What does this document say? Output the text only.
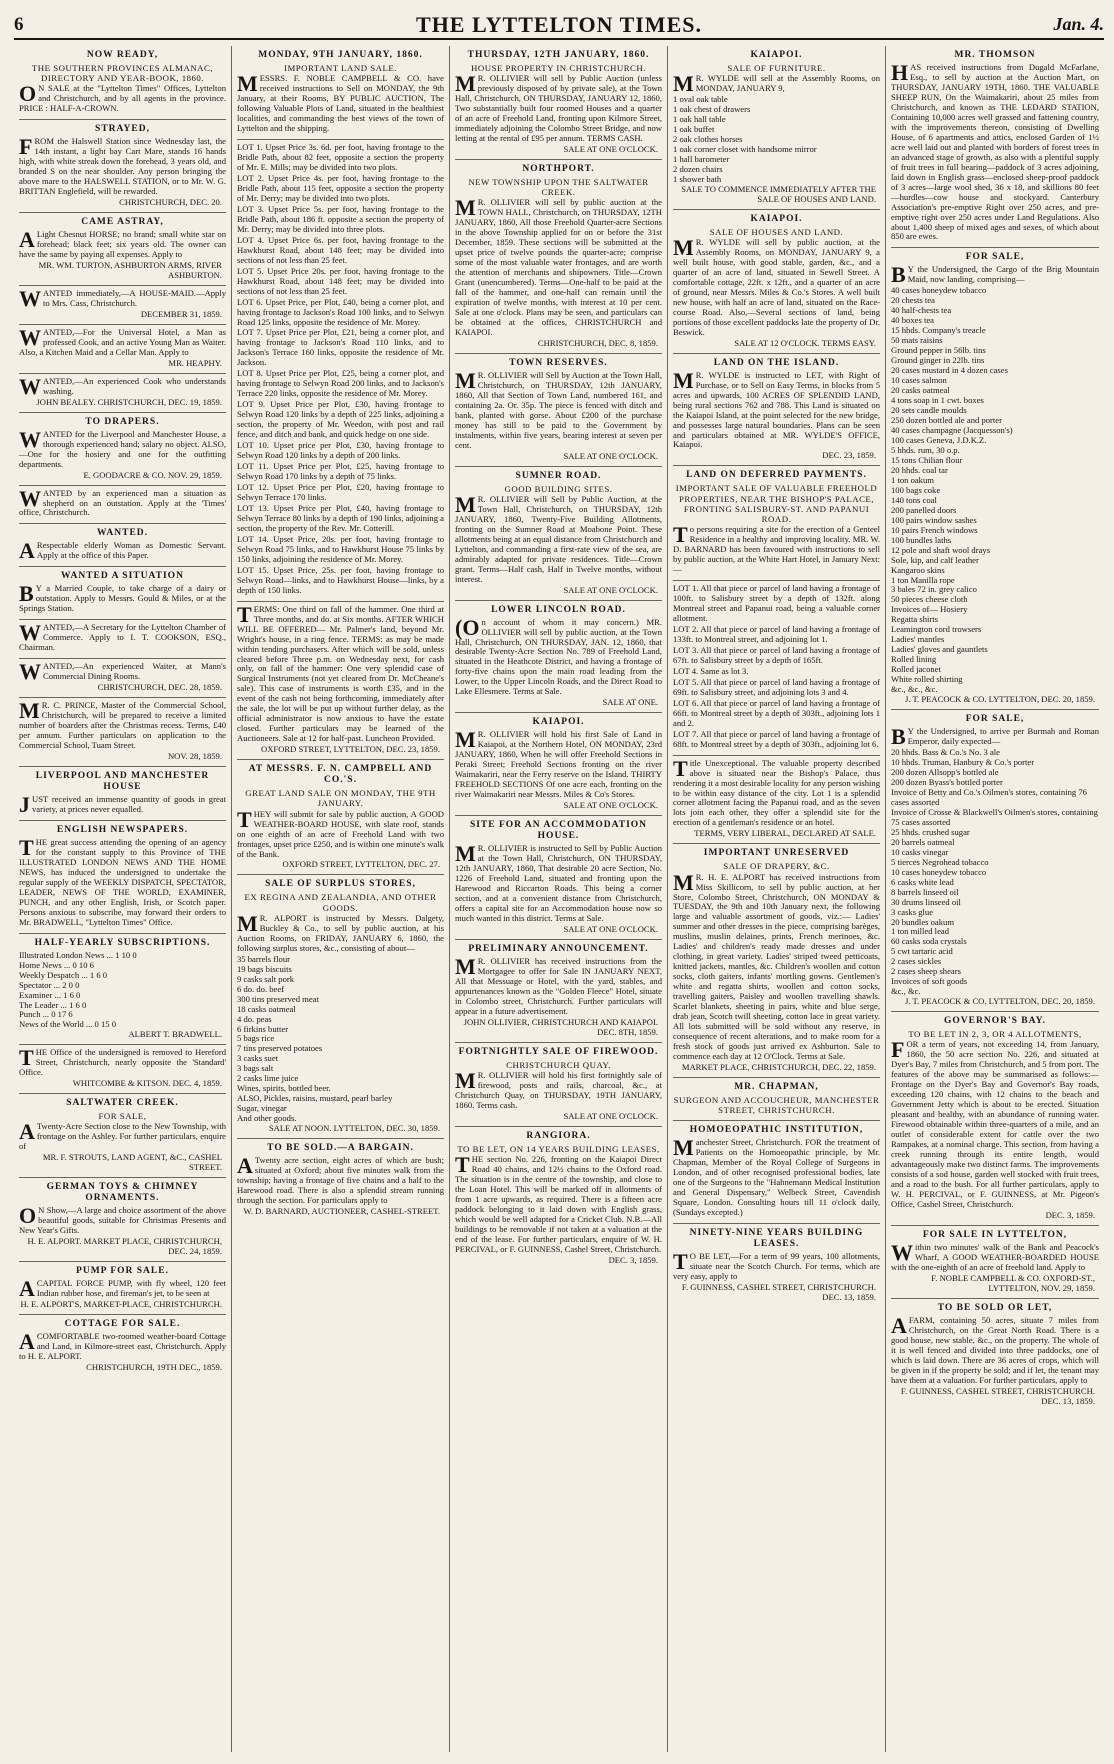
6	THE LYTTELTON TIMES.	Jan. 4.
NOW READY,
THE SOUTHERN PROVINCES ALMANAC, DIRECTORY AND YEAR-BOOK, 1860.

ON SALE at the "Lyttelton Times" Offices, Lyttelton and Christchurch, and by all agents in the province. PRICE : HALF-A-CROWN.

STRAYED,

FROM the Halswell Station since Wednesday last, the 14th instant, a light bay Cart Mare, stands 16 hands high, with white streak down the forehead, 3 years old, and branded S on the near shoulder. Any person bringing the above mare to the HALSWELL STATION, or to Mr. W. G. BRITTAN Englefield, will be rewarded.

CHRISTCHURCH, DEC. 20.
CAME ASTRAY,

ALight Chesnut HORSE; no brand; small white star on forehead; black feet; six years old. The owner can have the same by paying all expenses. Apply to

MR. WM. TURTON, ASHBURTON ARMS, RIVER ASHBURTON.

WANTED immediately,—A HOUSE-MAID.—Apply to Mrs. Cass, Christchurch.

DECEMBER 31, 1859.

WANTED,—For the Universal Hotel, a Man as professed Cook, and an active Young Man as Waiter. Also, a Kitchen Maid and a Cellar Man. Apply to

MR. HEAPHY.

WANTED,—An experienced Cook who understands washing.

JOHN BEALEY. CHRISTCHURCH, DEC. 19, 1859.
TO DRAPERS.

WANTED for the Liverpool and Manchester House, a thorough experienced hand; salary no object. ALSO,—One for the hosiery and one for the outfitting departments.

E. GOODACRE & CO. NOV. 29, 1859.

WANTED by an experienced man a situation as shepherd on an outstation. Apply at the 'Times' office, Christchurch.

WANTED.

ARespectable elderly Woman as Domestic Servant. Apply at the office of this Paper.

WANTED A SITUATION

BY a Married Couple, to take charge of a dairy or outstation. Apply to Messrs. Gould & Miles, or at the Springs Station.

WANTED,—A Secretary for the Lyttelton Chamber of Commerce. Apply to I. T. COOKSON, ESQ., Chairman.

WANTED,—An experienced Waiter, at Mann's Commercial Dining Rooms.

CHRISTCHURCH, DEC. 28, 1859.

MR. C. PRINCE, Master of the Commercial School, Christchurch, will be prepared to receive a limited number of boarders after the Christmas recess. Terms, £40 per annum. Further particulars on application to the Commercial School, Tuam Street.

NOV. 28, 1859.
LIVERPOOL AND MANCHESTER HOUSE

JUST received an immense quantity of goods in great variety, at prices never equalled.

ENGLISH NEWSPAPERS.

THE great success attending the opening of an agency for the constant supply to this Province of THE ILLUSTRATED LONDON NEWS AND THE HOME NEWS, has induced the undersigned to undertake the regular supply of the WEEKLY DISPATCH, SPECTATOR, LEADER, NEWS OF THE WORLD, EXAMINER, PUNCH, and any other English, Irish, or Scotch paper. Persons anxious to subscribe, may forward their orders to Mr. BRADWELL, "Lyttelton Times" Office.

HALF-YEARLY SUBSCRIPTIONS.
Illustrated London News ... 1 10 0
Home News ... 0 10 6
Weekly Despatch ... 1 6 0
Spectator ... 2 0 0
Examiner ... 1 6 0
The Leader ... 1 6 0
Punch ... 0 17 6
News of the World ... 0 15 0
ALBERT T. BRADWELL.

THE Office of the undersigned is removed to Hereford Street, Christchurch, nearly opposite the 'Standard' Office.

WHITCOMBE & KITSON. DEC. 4, 1859.
SALTWATER CREEK.
FOR SALE,

ATwenty-Acre Section close to the New Township, with frontage on the Ashley. For further particulars, enquire of

MR. F. STROUTS, LAND AGENT, &C., CASHEL STREET.
GERMAN TOYS & CHIMNEY ORNAMENTS.

ON Show,—A large and choice assortment of the above beautiful goods, suitable for Christmas Presents and New Year's Gifts.

H. E. ALPORT. MARKET PLACE, CHRISTCHURCH, DEC. 24, 1859.
PUMP FOR SALE.

ACAPITAL FORCE PUMP, with fly wheel, 120 feet Indian rubber hose, and fireman's jet, to be seen at

H. E. ALPORT'S, MARKET-PLACE, CHRISTCHURCH.
COTTAGE FOR SALE.

ACOMFORTABLE two-roomed weather-board Cottage and Land, in Kilmore-street east, Christchurch. Apply to H. E. ALPORT.

CHRISTCHURCH, 19TH DEC., 1859.
MONDAY, 9TH JANUARY, 1860.
IMPORTANT LAND SALE.

MESSRS. F. NOBLE CAMPBELL & CO. have received instructions to Sell on MONDAY, the 9th January, at their Rooms, BY PUBLIC AUCTION, The following Valuable Plots of Land, situated in the healthiest localities, and commanding the best views of the town of Lyttelton and the shipping.

LOT 1. Upset Price 3s. 6d. per foot, having frontage to the Bridle Path, about 82 feet, opposite a section the property of Mr. E. Mills; may be divided into two plots.

LOT 2. Upset Price 4s. per foot, having frontage to the Bridle Path, about 115 feet, opposite a section the property of Mr. Derry; may be divided into two plots.

LOT 3. Upset Price 5s. per foot, having frontage to the Bridle Path, about 186 ft. opposite a section the property of Mr. Derry; may be divided into three plots.

LOT 4. Upset Price 6s. per foot, having frontage to the Hawkhurst Road, about 148 feet; may be divided into sections of not less than 25 feet.

LOT 5. Upset Price 20s. per foot, having frontage to the Hawkhurst Road, about 148 feet; may be divided into sections of not less than 25 feet.

LOT 6. Upset Price, per Plot, £40, being a corner plot, and having frontage to Jackson's Road 100 links, and to Selwyn Road 125 links, opposite the residence of Mr. Morey.

LOT 7. Upset Price per Plot, £21, being a corner plot, and having frontage to Jackson's Road 110 links, and to Jackson's Terrace 160 links, opposite the residence of Mr. Jackson.

LOT 8. Upset Price per Plot, £25, being a corner plot, and having frontage to Selwyn Road 200 links, and to Jackson's Terrace 220 links, opposite the residence of Mr. Morey.

LOT 9. Upset Price per Plot, £30, having frontage to Selwyn Road 120 links by a depth of 225 links, adjoining a section, the property of Mr. Weedon, with post and rail fence, and ditch and bank, and quick hedge on one side.

LOT 10. Upset price per Plot, £30, having frontage to Selwyn Road 120 links by a depth of 200 links.

LOT 11. Upset Price per Plot, £25, having frontage to Selwyn Road 170 links by a depth of 75 links.

LOT 12. Upset Price per Plot, £20, having frontage to Selwyn Terrace 170 links.

LOT 13. Upset Price per Plot, £40, having frontage to Selwyn Terrace 80 links by a depth of 190 links, adjoining a section, the property of the Rev. Mr. Cotterill.

LOT 14. Upset Price, 20s. per foot, having frontage to Selwyn Road 75 links, and to Hawkhurst House 75 links by 150 links, adjoining the residence of Mr. Morey.

LOT 15. Upset Price, 25s. per foot, having frontage to Selwyn Road—links, and to Hawkhurst House—links, by a depth of 150 links.

TERMS: One third on fall of the hammer. One third at Three months, and do. at Six months. AFTER WHICH WILL BE OFFERED— Mr. Palmer's land, beyond Mr. Wright's house, in a ring fence. TERMS: as may be made within tending purchasers. After which will be sold, unless cleared before Three p.m. on Wednesday next, for cash only, on fall of the hammer: One very splendid case of Surgical Instruments (not yet cleared from Dr. McCheane's sale). This case of instruments is worth £35, and in the event of the cash not being forthcoming, immediately after the sale, the lot will be put up without further delay, as the official administrator is now anxious to have the estate closed. Further particulars may be learned of the Auctioneers. Sale at 12 for half-past. Luncheon Provided.

OXFORD STREET, LYTTELTON, DEC. 23, 1859.
AT MESSRS. F. N. CAMPBELL AND CO.'S.
GREAT LAND SALE ON MONDAY, THE 9TH JANUARY.

THEY will submit for sale by public auction, A GOOD WEATHER-BOARD HOUSE, with slate roof, stands on one eighth of an acre of Freehold Land with two frontages, upset price £250, and is within one minute's walk of the Bank.

OXFORD STREET, LYTTELTON, DEC. 27.
SALE OF SURPLUS STORES,
EX REGINA AND ZEALANDIA, AND OTHER GOODS.

MR. ALPORT is instructed by Messrs. Dalgety, Buckley & Co., to sell by public auction, at his Auction Rooms, on FRIDAY, JANUARY 6, 1860, the following surplus stores, &c., consisting of about—

35 barrels flour
19 bags biscuits
9 casks salt pork
6 do. do. beef
300 tins preserved meat
18 casks oatmeal
4 do. peas
6 firkins butter
5 bags rice
7 tins preserved potatoes
3 casks suet
3 bags salt
2 casks lime juice
Wines, spirits, bottled beer.
ALSO, Pickles, raisins, mustard, pearl barley
Sugar, vinegar
And other goods.
SALE AT NOON. LYTTELTON, DEC. 30, 1859.
TO BE SOLD.—A BARGAIN.

ATwenty acre section, eight acres of which are bush; situated at Oxford; about five minutes walk from the township; having a frontage of five chains and a half to the Harewood road. There is also a splendid stream running through the section. For particulars apply to

W. D. BARNARD, AUCTIONEER, CASHEL-STREET.
THURSDAY, 12TH JANUARY, 1860.
HOUSE PROPERTY IN CHRISTCHURCH.

MR. OLLIVIER will sell by Public Auction (unless previously disposed of by private sale), at the Town Hall, Christchurch, ON THURSDAY, JANUARY 12, 1860, Two substantially built four roomed Houses and a quarter of an acre of Freehold Land, fronting upon Kilmore Street, immediately adjoining the Colombo Street Bridge, and now letting at the rental of £95 per annum. TERMS CASH.

SALE AT ONE O'CLOCK.
NORTHPORT.
NEW TOWNSHIP UPON THE SALTWATER CREEK.

MR. OLLIVIER will sell by public auction at the TOWN HALL, Christchurch, on THURSDAY, 12TH JANUARY, 1860, All those Freehold Quarter-acre Sections in the above Township applied for on or before the 31st December, 1859. These sections will be submitted at the upset price of twelve pounds the quarter-acre; comprise some of the most valuable water frontages, and are worth the attention of merchants and shipowners. Title—Crown Grant (unencumbered). Terms—One-half to be paid at the fall of the hammer, and one-half can remain until the expiration of twelve months, with interest at 10 per cent. Sale at one o'clock. Plans may be seen, and particulars can be obtained at the offices, CHRISTCHURCH and KAIAPOI.

CHRISTCHURCH, DEC. 8, 1859.
TOWN RESERVES.

MR. OLLIVIER will Sell by Auction at the Town Hall, Christchurch, on THURSDAY, 12th JANUARY, 1860, All that Section of Town Land, numbered 161, and containing 2a. Or. 35p. The piece is fenced with ditch and bank, planted with gorse. About £200 of the purchase money has still to be paid to the Government by instalments, within five years, bearing interest at seven per cent.

SALE AT ONE O'CLOCK.
SUMNER ROAD.
GOOD BUILDING SITES.

MR. OLLIVIER will Sell by Public Auction, at the Town Hall, Christchurch, on THURSDAY, 12th JANUARY, 1860, Twenty-Five Building Allotments, fronting on the Sumner Road at Moabone Point. These allotments being at an equal distance from Christchurch and Lyttelton, and commanding a first-rate view of the sea, are admirably adapted for private residences. Title—Crown grant. Terms—Half cash, Half in Twelve months, without interest.

SALE AT ONE O'CLOCK.
LOWER LINCOLN ROAD.

(On account of whom it may concern.) MR. OLLIVIER will sell by public auction, at the Town Hall, Christchurch, ON THURSDAY, JAN. 12, 1860, that desirable Twenty-Acre Section No. 789 of Freehold Land, situated in the Heathcote District, and having a frontage of forty-five chains upon the main road leading from the Lower, to the Upper Lincoln Roads, and the Direct Road to Lake Ellesmere. Terms at Sale.

SALE AT ONE.
KAIAPOI.

MR. OLLIVIER will hold his first Sale of Land in Kaiapoi, at the Northern Hotel, ON MONDAY, 23rd JANUARY, 1860, When he will offer Freehold Sections in Peraki Street; Freehold Sections fronting on the river Waimakariri, near the Ferry reserve on the Island. THIRTY FREEHOLD SECTIONS Of one acre each, fronting on the river Waimakariri near Messrs. Miles & Co's Stores.

SALE AT ONE O'CLOCK.
SITE FOR AN ACCOMMODATION HOUSE.

MR. OLLIVIER is instructed to Sell by Public Auction at the Town Hall, Christchurch, ON THURSDAY, 12th JANUARY, 1860, That desirable 20 acre Section, No. 1226 of Freehold Land, situated and fronting upon the Harewood and Riccarton Roads. This being a corner section, and at a convenient distance from Christchurch, offers a capital site for an Accommodation house now so much wanted in this district. Terms at Sale.

SALE AT ONE O'CLOCK.
PRELIMINARY ANNOUNCEMENT.

MR. OLLIVIER has received instructions from the Mortgagee to offer for Sale IN JANUARY NEXT, All that Messuage or Hotel, with the yard, stables, and appurtenances known as the "Golden Fleece" Hotel, situate in Colombo street, Christchurch. Further particulars will appear in a future advertisement.

JOHN OLLIVIER, CHRISTCHURCH AND KAIAPOI. DEC. 8TH, 1859.
FORTNIGHTLY SALE OF FIREWOOD.
CHRISTCHURCH QUAY.

MR. OLLIVIER will hold his first fortnightly sale of firewood, posts and rails, charcoal, &c., at Christchurch Quay, on THURSDAY, 19TH JANUARY, 1860. Terms cash.

SALE AT ONE O'CLOCK.
RANGIORA.
TO BE LET, ON 14 YEARS BUILDING LEASES,

THE section No. 226, fronting on the Kaiapoi Direct Road 40 chains, and 12½ chains to the Oxford road. The situation is in the centre of the township, and close to the Loan Hotel. This will be marked off in allotments of from 1 acre upwards, as required. There is a fifteen acre paddock belonging to it laid down with English grass, which would be well adapted for a Cricket Club. N.B.—All buildings to be removable if not taken at a valuation at the end of the lease. For further particulars, enquire of W. H. PERCIVAL, or F. GUINNESS, Cashel Street, Christchurch.

DEC. 3, 1859.
KAIAPOI.
SALE OF FURNITURE.

MR. WYLDE will sell at the Assembly Rooms, on MONDAY, JANUARY 9,

1 oval oak table
1 oak chest of drawers
1 oak hall table
1 oak buffet
2 oak clothes horses
1 oak corner closet with handsome mirror
1 hall barometer
2 dozen chairs
1 shower bath
SALE TO COMMENCE IMMEDIATELY AFTER THE SALE OF HOUSES AND LAND.
KAIAPOI.
SALE OF HOUSES AND LAND.

MR. WYLDE will sell by public auction, at the Assembly Rooms, on MONDAY, JANUARY 9, a well built house, with good stable, garden, &c., and a quarter of an acre of land, situated in Sewell Street. A comfortable cottage, 22ft. x 12ft., and a quarter of an acre of ground, near Messrs. Miles & Co.'s Stores. A well built new house, with half an acre of land, situated on the Race-course Road. Also,—Several sections of land, being portions of those excellent paddocks late the property of Dr. Beswick.

SALE AT 12 O'CLOCK. TERMS EASY.
LAND ON THE ISLAND.

MR. WYLDE is instructed to LET, with Right of Purchase, or to Sell on Easy Terms, in blocks from 5 acres and upwards, 100 ACRES OF SPLENDID LAND, being rural sections 762 and 788. This Land is situated on the Kaiapoi Island, at the point selected for the new bridge, and possesses large natural boundaries. Plans can be seen and particulars obtained at MR. WYLDE'S OFFICE, Kaiapoi.

DEC. 23, 1859.
LAND ON DEFERRED PAYMENTS.
IMPORTANT SALE OF VALUABLE FREEHOLD PROPERTIES, NEAR THE BISHOP'S PALACE, FRONTING SALISBURY-ST. AND PAPANUI ROAD.

To persons requiring a site for the erection of a Genteel Residence in a healthy and improving locality. MR. W. D. BARNARD has been favoured with instructions to sell by public auction, at the White Hart Hotel, in January Next:—

LOT 1. All that piece or parcel of land having a frontage of 100ft. to Salisbury street by a depth of 132ft. along Montreal street and Papanui road, being a valuable corner allotment.

LOT 2. All that piece or parcel of land having a frontage of 133ft. to Montreal street, and adjoining lot 1.

LOT 3. All that piece or parcel of land having a frontage of 67ft. to Salisbury street by a depth of 165ft.

LOT 4. Same as lot 3.

LOT 5. All that piece or parcel of land having a frontage of 69ft. to Salisbury street, and adjoining lots 3 and 4.

LOT 6. All that piece or parcel of land having a frontage of 66ft. to Montreal street by a depth of 303ft., adjoining lots 1 and 2.

LOT 7. All that piece or parcel of land having a frontage of 68ft. to Montreal street by a depth of 303ft., adjoining lot 6.

Title Unexceptional. The valuable property described above is situated near the Bishop's Palace, thus rendering it a most desirable locality for any person wishing to be within easy distance of the city. Lot 1 is a splendid corner allotment facing the Papanui road, and as the seven lots join each other, they offer a splendid site for the erection of a gentleman's residence or an hotel.

TERMS, VERY LIBERAL, DECLARED AT SALE.
IMPORTANT UNRESERVED
SALE OF DRAPERY, &C.

MR. H. E. ALPORT has received instructions from Miss Skillicorn, to sell by public auction, at her Store, Colombo Street, Christchurch, ON MONDAY & TUESDAY, the 9th and 10th January next, the following large and valuable assortment of goods, viz.:— Ladies' summer and other dresses in the piece, comprising barèges, muslins, muslin delaines, prints, French merinoes, &c. Ladies' and children's ready made dresses and under clothing, in great variety. Ladies' striped tweed petticoats, knitted jackets, mantles, &c. Children's woollen and cotton socks, cloth gaiters, infants' mortling gowns. Gentlemen's white and regatta shirts, woollen and cotton socks, travelling gaiters, Paisley and woollen travelling shawls. Scarlet blankets, sheeting in pairs, white and blue serge, drab jean, Scotch twill sheeting, cotton lace in great variety. All lots submitted will be sold without any reserve, in consequence of recent alterations, and to make room for a fresh stock of goods just arrived ex Ashburton. Sale to commence each day at 12 O'Clock. Terms at Sale.

MARKET PLACE, CHRISTCHURCH, DEC. 22, 1859.
MR. CHAPMAN,
SURGEON AND ACCOUCHEUR, MANCHESTER STREET, CHRISTCHURCH.
HOMOEOPATHIC INSTITUTION,

Manchester Street, Christchurch. FOR the treatment of Patients on the Homoeopathic principle, by Mr. Chapman, Member of the Royal College of Surgeons in London, and of other recognised professional bodies, late one of the Surgeons to the "Hahnemann Medical Institution and General Dispensary," Welbeck Street, Cavendish Square, London. Consulting hours till 11 o'clock daily, (Sundays excepted.)

NINETY-NINE YEARS BUILDING LEASES.

TO BE LET,—For a term of 99 years, 100 allotments, situate near the Scotch Church. For terms, which are very easy, apply to

F. GUINNESS, CASHEL STREET, CHRISTCHURCH. DEC. 13, 1859.
MR. THOMSON

HAS received instructions from Dugald McFarlane, Esq., to sell by auction at the Auction Mart, on THURSDAY, JANUARY 19TH, 1860. THE VALUABLE SHEEP RUN, On the Waimakariri, about 25 miles from Christchurch, and known as THE LEDARD STATION, Containing 10,000 acres well grassed and fattening country, with the improvements thereon, consisting of Dwelling House, of 6 apartments and attics, enclosed Garden of 1½ acre well laid out and planted with borders of forest trees in an advanced stage of growth, as also with a plentiful supply of fruit trees in full bearing—paddock of 3 acres adjoining, laid down in English grass—enclosed sheep-proof paddock of 3 acres—large wool shed, 36 x 18, and skillions 80 feet—hurdles—cow house and stockyard. Canterbury Association's pre-emptive Right over 250 acres, and pre-emptive right over 250 acres under Land Regulations. Also about 1,400 sheep of mixed ages and sexes, of which about 850 are ewes.

FOR SALE,

BY the Undersigned, the Cargo of the Brig Mountain Maid, now landing, comprising—

40 cases honeydew tobacco
20 chests tea
40 half-chests tea
40 boxes tea
15 hhds. Company's treacle
50 mats raisins
Ground pepper in 56lb. tins
Ground ginger in 22lb. tins
20 cases mustard in 4 dozen cases
10 cases salmon
20 casks oatmeal
4 tons soap in 1 cwt. boxes
20 sets candle moulds
250 dozen bottled ale and porter
40 cases champagne (Jacquesson's)
100 cases Geneva, J.D.K.Z.
5 hhds. rum, 30 o.p.
15 tons Chilian flour
20 hhds. coal tar
1 ton oakum
100 bags coke
140 tons coal
200 panelled doors
100 pairs window sashes
10 pairs French windows
100 bundles laths
12 pole and shaft wool drays
Sole, kip, and calf leather
Kangaroo skins
1 ton Manilla rope
3 bales 72 in. grey calico
50 pieces cheese cloth
Invoices of— Hosiery
Regatta shirts
Leamington cord trowsers
Ladies' mantles
Ladies' gloves and gauntlets
Rolled lining
Rolled jaconet
White rolled shirting
&c., &c., &c.
J. T. PEACOCK & CO. LYTTELTON, DEC. 20, 1859.
FOR SALE,

BY the Undersigned, to arrive per Burmah and Roman Emperor, daily expected—

20 hhds. Bass & Co.'s No. 3 ale
10 hhds. Truman, Hanbury & Co.'s porter
200 dozen Allsopp's bottled ale
200 dozen Byass's bottled porter
Invoice of Betty and Co.'s Oilmen's stores, containing 76 cases assorted
Invoice of Crosse & Blackwell's Oilmen's stores, containing 75 cases assorted
25 hhds. crushed sugar
20 barrels oatmeal
10 casks vinegar
5 tierces Negrohead tobacco
10 cases honeydew tobacco
6 casks white lead
8 barrels linseed oil
30 drums linseed oil
3 casks glue
20 bundles oakum
1 ton milled lead
60 casks soda crystals
5 cwt tartaric acid
2 cases sickles
2 cases sheep shears
Invoices of soft goods
&c., &c.
J. T. PEACOCK & CO. LYTTELTON, DEC. 20, 1859.
GOVERNOR'S BAY.
TO BE LET IN 2, 3, OR 4 ALLOTMENTS,

FOR a term of years, not exceeding 14, from January, 1860, the 50 acre section No. 226, and situated at Dyer's Bay, 7 miles from Christchurch, and 5 from port. The features of the above may be summarised as follows:—Frontage on the Dyer's Bay and Governor's Bay roads, exceeding 120 chains, with 12 chains to the beach and Government Jetty which is about to be erected. Situation pleasant and healthy, with an abundance of running water. Firewood obtainable within three-quarters of a mile, and an outlet of considerable extent for cattle over the two Rampakes, at a nominal charge. This section, from having a creek running through its entire length, would advantageously make two distinct farms. The improvements consists of a sod house, garden well stocked with fruit trees, and a road to the bush. For all further particulars, apply to W. H. PERCIVAL, or F. GUINNESS, at Mr. Pigeon's Office, Cashel Street, Christchurch.

DEC. 3, 1859.
FOR SALE IN LYTTELTON,

Within two minutes' walk of the Bank and Peacock's Wharf, A GOOD WEATHER-BOARDED HOUSE with the one-eighth of an acre of freehold land. Apply to

F. NOBLE CAMPBELL & CO. OXFORD-ST., LYTTELTON, NOV. 29, 1859.
TO BE SOLD OR LET,

AFARM, containing 50 acres, situate 7 miles from Christchurch, on the Great North Road. There is a good house, new stable, &c., on the property. The whole of it is well fenced and divided into three paddocks, one of which is laid down. There are 36 acres of crops, which will be given in if the property be sold; and if let, the tenant may have them at a valuation. For further particulars, apply to

F. GUINNESS, CASHEL STREET, CHRISTCHURCH. DEC. 13, 1859.
